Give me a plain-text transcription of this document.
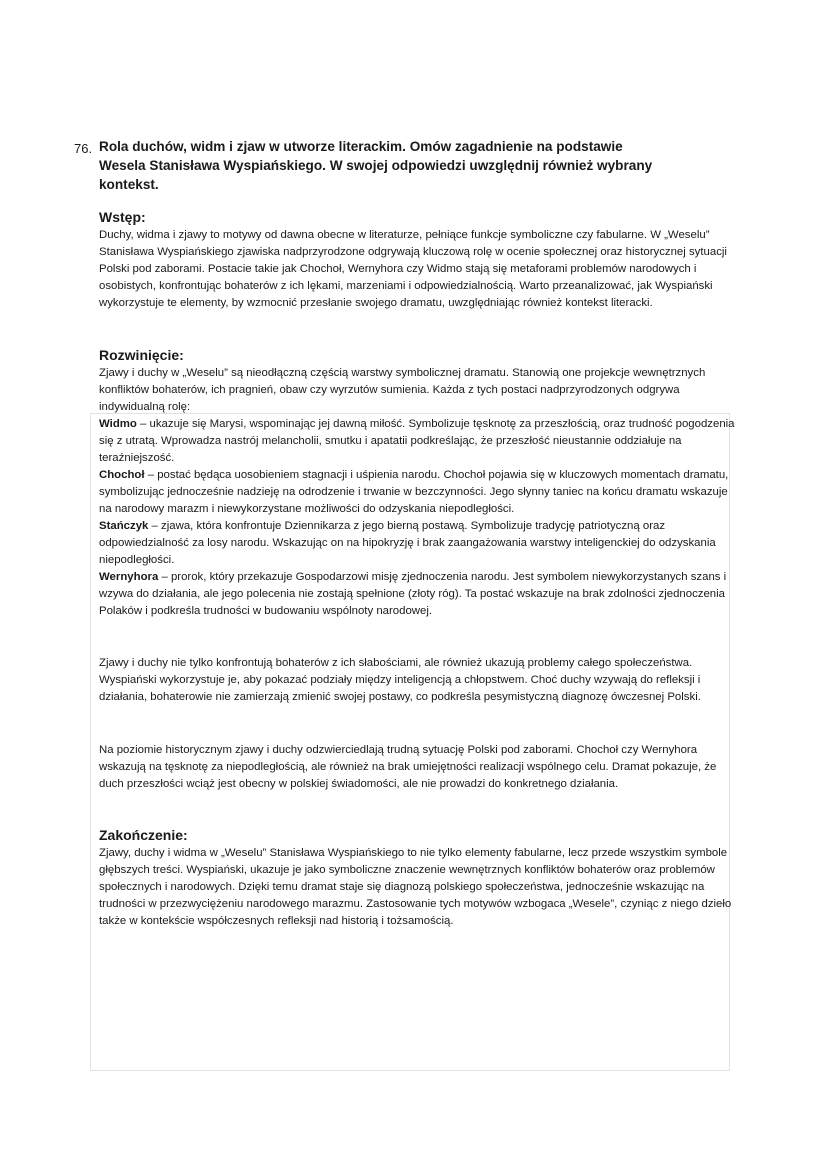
76. Rola duchów, widm i zjaw w utworze literackim. Omów zagadnienie na podstawie
Wesela Stanisława Wyspiańskiego. W swojej odpowiedzi uwzględnij również wybrany
kontekst.
Wstęp:

Duchy, widma i zjawy to motywy od dawna obecne w literaturze, pełniące funkcje symboliczne czy fabularne. W „Weselu” Stanisława Wyspiańskiego zjawiska nadprzyrodzone odgrywają kluczową rolę w ocenie społecznej oraz historycznej sytuacji Polski pod zaborami. Postacie takie jak Chochoł, Wernyhora czy Widmo stają się metaforami problemów narodowych i osobistych, konfrontując bohaterów z ich lękami, marzeniami i odpowiedzialnością. Warto przeanalizować, jak Wyspiański wykorzystuje te elementy, by wzmocnić przesłanie swojego dramatu, uwzględniając również kontekst literacki.

Rozwinięcie:

Zjawy i duchy w „Weselu” są nieodłączną częścią warstwy symbolicznej dramatu. Stanowią one projekcje wewnętrznych konfliktów bohaterów, ich pragnień, obaw czy wyrzutów sumienia. Każda z tych postaci nadprzyrodzonych odgrywa indywidualną rolę:

Widmo – ukazuje się Marysi, wspominając jej dawną miłość. Symbolizuje tęsknotę za przeszłością, oraz trudność pogodzenia się z utratą. Wprowadza nastrój melancholii, smutku i apatatii podkreślając, że przeszłość nieustannie oddziałuje na teraźniejszość.

Chochoł – postać będąca uosobieniem stagnacji i uśpienia narodu. Chochoł pojawia się w kluczowych momentach dramatu, symbolizując jednocześnie nadzieję na odrodzenie i trwanie w bezczynności. Jego słynny taniec na końcu dramatu wskazuje na narodowy marazm i niewykorzystane możliwości do odzyskania niepodległości.

Stańczyk – zjawa, która konfrontuje Dziennikarza z jego bierną postawą. Symbolizuje tradycję patriotyczną oraz odpowiedzialność za losy narodu. Wskazując on na hipokryzję i brak zaangażowania warstwy inteligenckiej do odzyskania niepodległości.

Wernyhora – prorok, który przekazuje Gospodarzowi misję zjednoczenia narodu. Jest symbolem niewykorzystanych szans i wzywa do działania, ale jego polecenia nie zostają spełnione (złoty róg). Ta postać wskazuje na brak zdolności zjednoczenia Polaków i podkreśla trudności w budowaniu wspólnoty narodowej.

Zjawy i duchy nie tylko konfrontują bohaterów z ich słabościami, ale również ukazują problemy całego społeczeństwa. Wyspiański wykorzystuje je, aby pokazać podziały między inteligencją a chłopstwem. Choć duchy wzywają do refleksji i działania, bohaterowie nie zamierzają zmienić swojej postawy, co podkreśla pesymistyczną diagnozę ówczesnej Polski.

Na poziomie historycznym zjawy i duchy odzwierciedlają trudną sytuację Polski pod zaborami. Chochoł czy Wernyhora wskazują na tęsknotę za niepodległością, ale również na brak umiejętności realizacji wspólnego celu. Dramat pokazuje, że duch przeszłości wciąż jest obecny w polskiej świadomości, ale nie prowadzi do konkretnego działania.

Zakończenie:

Zjawy, duchy i widma w „Weselu” Stanisława Wyspiańskiego to nie tylko elementy fabularne, lecz przede wszystkim symbole głębszych treści. Wyspiański, ukazuje je jako symboliczne znaczenie wewnętrznych konfliktów bohaterów oraz problemów społecznych i narodowych. Dzięki temu dramat staje się diagnozą polskiego społeczeństwa, jednocześnie wskazując na trudności w przezwyciężeniu narodowego marazmu. Zastosowanie tych motywów wzbogaca „Wesele”, czyniąc z niego dzieło także w kontekście współczesnych refleksji nad historią i tożsamością.
